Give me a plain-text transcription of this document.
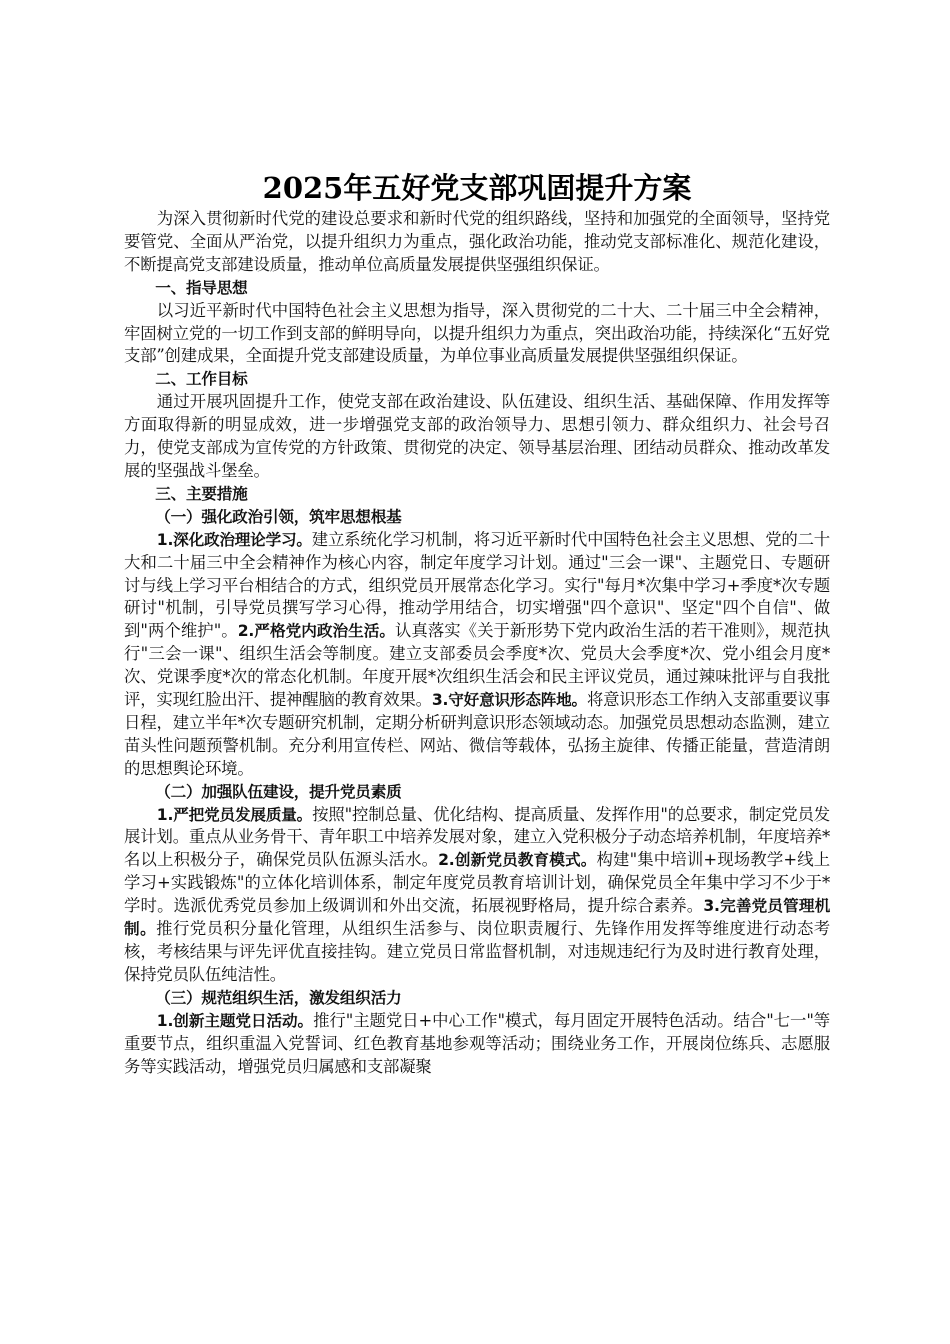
2025年五好党支部巩固提升方案

为深入贯彻新时代党的建设总要求和新时代党的组织路线，坚持和加强党的全面领导，坚持党要管党、全面从严治党，以提升组织力为重点，强化政治功能，推动党支部标准化、规范化建设，不断提高党支部建设质量，推动单位高质量发展提供坚强组织保证。

一、指导思想

以习近平新时代中国特色社会主义思想为指导，深入贯彻党的二十大、二十届三中全会精神，牢固树立党的一切工作到支部的鲜明导向，以提升组织力为重点，突出政治功能，持续深化“五好党支部”创建成果，全面提升党支部建设质量，为单位事业高质量发展提供坚强组织保证。

二、工作目标

通过开展巩固提升工作，使党支部在政治建设、队伍建设、组织生活、基础保障、作用发挥等方面取得新的明显成效，进一步增强党支部的政治领导力、思想引领力、群众组织力、社会号召力，使党支部成为宣传党的方针政策、贯彻党的决定、领导基层治理、团结动员群众、推动改革发展的坚强战斗堡垒。

三、主要措施

（一）强化政治引领，筑牢思想根基

1.深化政治理论学习。建立系统化学习机制，将习近平新时代中国特色社会主义思想、党的二十大和二十届三中全会精神作为核心内容，制定年度学习计划。通过"三会一课"、主题党日、专题研讨与线上学习平台相结合的方式，组织党员开展常态化学习。实行"每月*次集中学习+季度*次专题研讨"机制，引导党员撰写学习心得，推动学用结合，切实增强"四个意识"、坚定"四个自信"、做到"两个维护"。2.严格党内政治生活。认真落实《关于新形势下党内政治生活的若干准则》，规范执行"三会一课"、组织生活会等制度。建立支部委员会季度*次、党员大会季度*次、党小组会月度*次、党课季度*次的常态化机制。年度开展*次组织生活会和民主评议党员，通过辣味批评与自我批评，实现红脸出汗、提神醒脑的教育效果。3.守好意识形态阵地。将意识形态工作纳入支部重要议事日程，建立半年*次专题研究机制，定期分析研判意识形态领域动态。加强党员思想动态监测，建立苗头性问题预警机制。充分利用宣传栏、网站、微信等载体，弘扬主旋律、传播正能量，营造清朗的思想舆论环境。

（二）加强队伍建设，提升党员素质

1.严把党员发展质量。按照"控制总量、优化结构、提高质量、发挥作用"的总要求，制定党员发展计划。重点从业务骨干、青年职工中培养发展对象，建立入党积极分子动态培养机制，年度培养*名以上积极分子，确保党员队伍源头活水。2.创新党员教育模式。构建"集中培训+现场教学+线上学习+实践锻炼"的立体化培训体系，制定年度党员教育培训计划，确保党员全年集中学习不少于*学时。选派优秀党员参加上级调训和外出交流，拓展视野格局，提升综合素养。3.完善党员管理机制。推行党员积分量化管理，从组织生活参与、岗位职责履行、先锋作用发挥等维度进行动态考核，考核结果与评先评优直接挂钩。建立党员日常监督机制，对违规违纪行为及时进行教育处理，保持党员队伍纯洁性。

（三）规范组织生活，激发组织活力

1.创新主题党日活动。推行"主题党日+中心工作"模式，每月固定开展特色活动。结合"七一"等重要节点，组织重温入党誓词、红色教育基地参观等活动；围绕业务工作，开展岗位练兵、志愿服务等实践活动，增强党员归属感和支部凝聚
